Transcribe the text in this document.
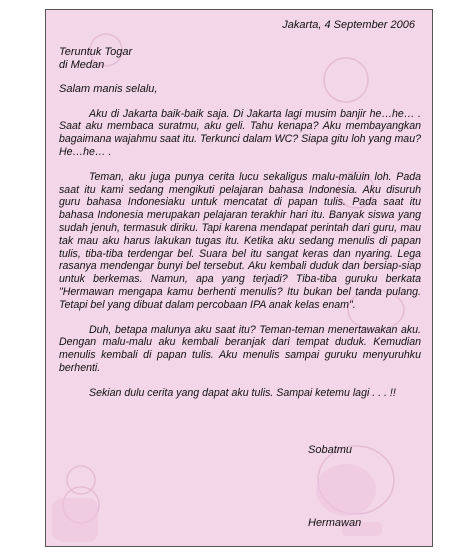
Jakarta, 4 September 2006
Teruntuk Togar
di Medan
Salam manis selalu,
Aku di Jakarta baik-baik saja. Di Jakarta lagi musim banjir he…he… . Saat aku membaca suratmu, aku geli. Tahu kenapa? Aku membayangkan bagaimana wajahmu saat itu. Terkunci dalam WC? Siapa gitu loh yang mau? He…he… .
Teman, aku juga punya cerita lucu sekaligus malu-maluin loh. Pada saat itu kami sedang mengikuti pelajaran bahasa Indonesia. Aku disuruh guru bahasa Indonesiaku untuk mencatat di papan tulis. Pada saat itu bahasa Indonesia merupakan pelajaran terakhir hari itu. Banyak siswa yang sudah jenuh, termasuk diriku. Tapi karena mendapat perintah dari guru, mau tak mau aku harus lakukan tugas itu. Ketika aku sedang menulis di papan tulis, tiba-tiba terdengar bel. Suara bel itu sangat keras dan nyaring. Lega rasanya mendengar bunyi bel tersebut. Aku kembali duduk dan bersiap-siap untuk berkemas. Namun, apa yang terjadi? Tiba-tiba guruku berkata "Hermawan mengapa kamu berhenti menulis? Itu bukan bel tanda pulang. Tetapi bel yang dibuat dalam percobaan IPA anak kelas enam".
Duh, betapa malunya aku saat itu? Teman-teman menertawakan aku. Dengan malu-malu aku kembali beranjak dari tempat duduk. Kemudian menulis kembali di papan tulis. Aku menulis sampai guruku menyuruhku berhenti.
Sekian dulu cerita yang dapat aku tulis. Sampai ketemu lagi . . . !!
Sobatmu
Hermawan
